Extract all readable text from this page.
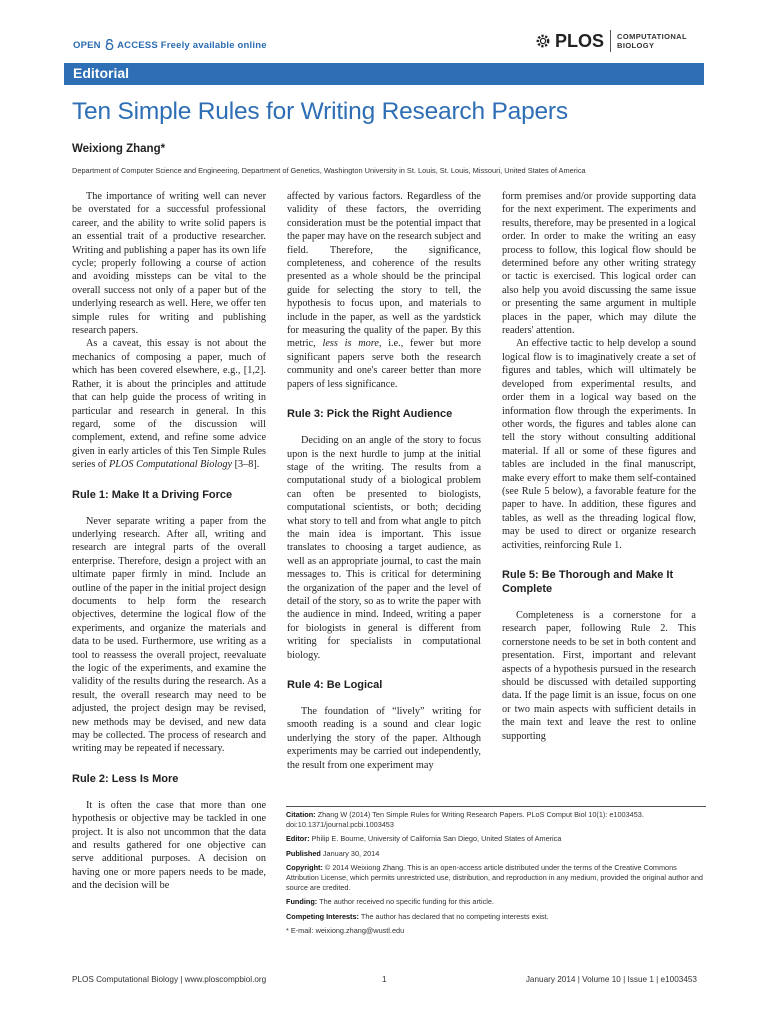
OPEN ACCESS Freely available online	PLOS COMPUTATIONAL
BIOLOGY
Editorial
Ten Simple Rules for Writing Research Papers
Weixiong Zhang*
Department of Computer Science and Engineering, Department of Genetics, Washington University in St. Louis, St. Louis, Missouri, United States of America

The importance of writing well can never be overstated for a successful professional career, and the ability to write solid papers is an essential trait of a productive researcher. Writing and publishing a paper has its own life cycle; properly following a course of action and avoiding missteps can be vital to the overall success not only of a paper but of the underlying research as well. Here, we offer ten simple rules for writing and publishing research papers.

As a caveat, this essay is not about the mechanics of composing a paper, much of which has been covered elsewhere, e.g., [1,2]. Rather, it is about the principles and attitude that can help guide the process of writing in particular and research in general. In this regard, some of the discussion will complement, extend, and refine some advice given in early articles of this Ten Simple Rules series of PLOS Computational Biology [3–8].

Rule 1: Make It a Driving Force

Never separate writing a paper from the underlying research. After all, writing and research are integral parts of the overall enterprise. Therefore, design a project with an ultimate paper firmly in mind. Include an outline of the paper in the initial project design documents to help form the research objectives, determine the logical flow of the experiments, and organize the materials and data to be used. Furthermore, use writing as a tool to reassess the overall project, reevaluate the logic of the experiments, and examine the validity of the results during the research. As a result, the overall research may need to be adjusted, the project design may be revised, new methods may be devised, and new data may be collected. The process of research and writing may be repeated if necessary.

Rule 2: Less Is More

It is often the case that more than one hypothesis or objective may be tackled in one project. It is also not uncommon that the data and results gathered for one objective can serve additional purposes. A decision on having one or more papers needs to be made, and the decision will be

affected by various factors. Regardless of the validity of these factors, the overriding consideration must be the potential impact that the paper may have on the research subject and field. Therefore, the significance, completeness, and coherence of the results presented as a whole should be the principal guide for selecting the story to tell, the hypothesis to focus upon, and materials to include in the paper, as well as the yardstick for measuring the quality of the paper. By this metric, less is more, i.e., fewer but more significant papers serve both the research community and one's career better than more papers of less significance.

Rule 3: Pick the Right Audience

Deciding on an angle of the story to focus upon is the next hurdle to jump at the initial stage of the writing. The results from a computational study of a biological problem can often be presented to biologists, computational scientists, or both; deciding what story to tell and from what angle to pitch the main idea is important. This issue translates to choosing a target audience, as well as an appropriate journal, to cast the main messages to. This is critical for determining the organization of the paper and the level of detail of the story, so as to write the paper with the audience in mind. Indeed, writing a paper for biologists in general is different from writing for specialists in computational biology.

Rule 4: Be Logical

The foundation of “lively” writing for smooth reading is a sound and clear logic underlying the story of the paper. Although experiments may be carried out independently, the result from one experiment may

form premises and/or provide supporting data for the next experiment. The experiments and results, therefore, may be presented in a logical order. In order to make the writing an easy process to follow, this logical flow should be determined before any other writing strategy or tactic is exercised. This logical order can also help you avoid discussing the same issue or presenting the same argument in multiple places in the paper, which may dilute the readers' attention.

An effective tactic to help develop a sound logical flow is to imaginatively create a set of figures and tables, which will ultimately be developed from experimental results, and order them in a logical way based on the information flow through the experiments. In other words, the figures and tables alone can tell the story without consulting additional material. If all or some of these figures and tables are included in the final manuscript, make every effort to make them self-contained (see Rule 5 below), a favorable feature for the paper to have. In addition, these figures and tables, as well as the threading logical flow, may be used to direct or organize research activities, reinforcing Rule 1.

Rule 5: Be Thorough and Make It Complete

Completeness is a cornerstone for a research paper, following Rule 2. This cornerstone needs to be set in both content and presentation. First, important and relevant aspects of a hypothesis pursued in the research should be discussed with detailed supporting data. If the page limit is an issue, focus on one or two main aspects with sufficient details in the main text and leave the rest to online supporting

Citation: Zhang W (2014) Ten Simple Rules for Writing Research Papers. PLoS Comput Biol 10(1): e1003453. doi:10.1371/journal.pcbi.1003453

Editor: Philip E. Bourne, University of California San Diego, United States of America

Published January 30, 2014

Copyright: © 2014 Weixiong Zhang. This is an open-access article distributed under the terms of the Creative Commons Attribution License, which permits unrestricted use, distribution, and reproduction in any medium, provided the original author and source are credited.

Funding: The author received no specific funding for this article.

Competing Interests: The author has declared that no competing interests exist.

* E-mail: weixiong.zhang@wustl.edu

PLOS Computational Biology | www.ploscompbiol.org	1	January 2014 | Volume 10 | Issue 1 | e1003453
